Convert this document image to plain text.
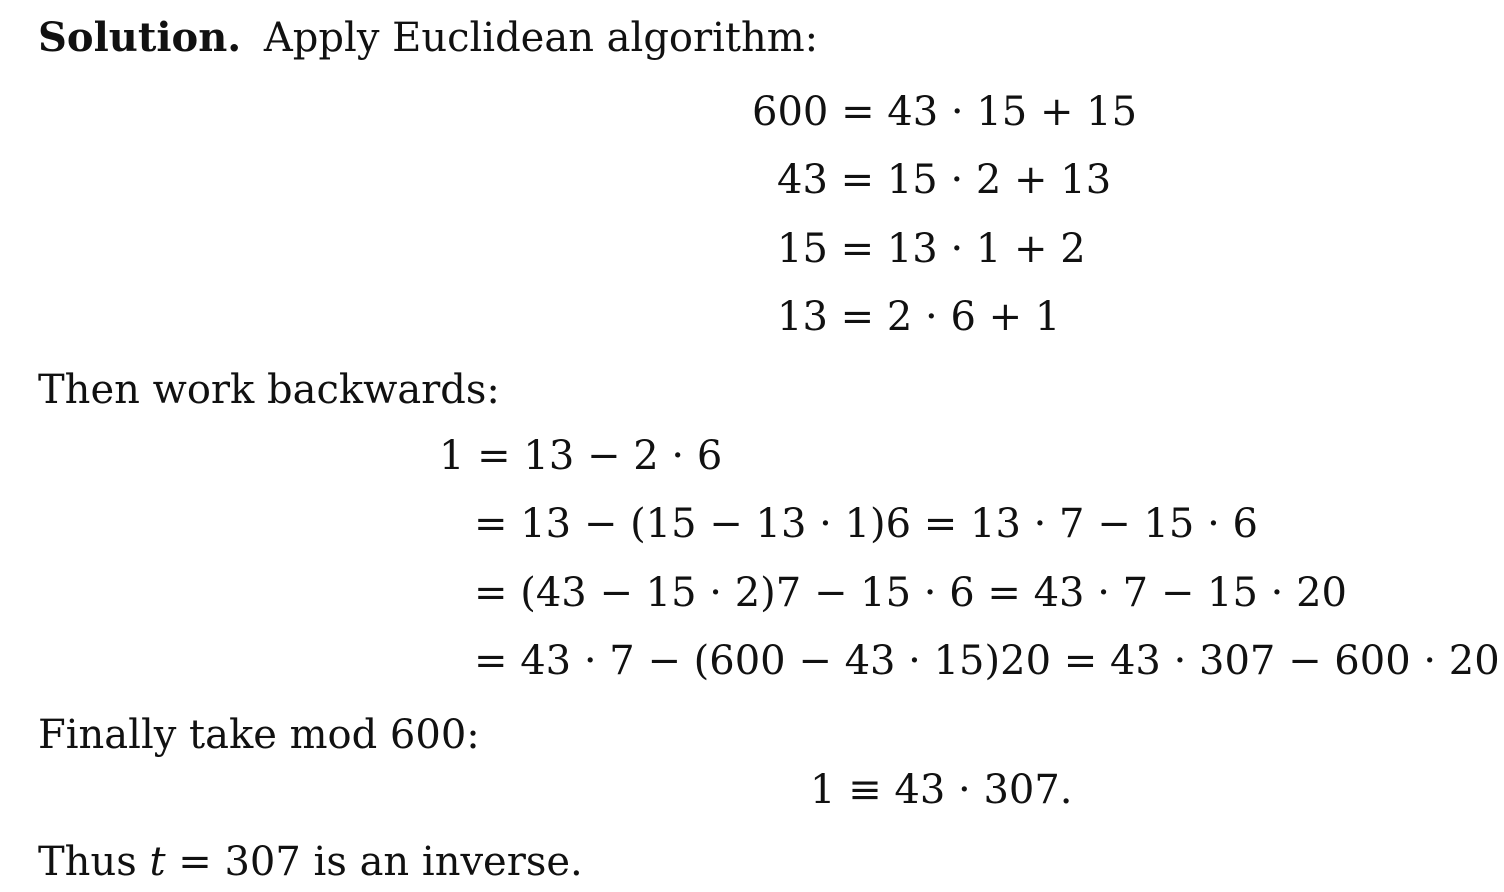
Solution. Apply Euclidean algorithm:
600 = 43 · 15 + 15
43 = 15 · 2 + 13
15 = 13 · 1 + 2
13 = 2 · 6 + 1
Then work backwards:
1 = 13 − 2 · 6
= 13 − (15 − 13 · 1)6 = 13 · 7 − 15 · 6
= (43 − 15 · 2)7 − 15 · 6 = 43 · 7 − 15 · 20
= 43 · 7 − (600 − 43 · 15)20 = 43 · 307 − 600 · 20
Finally take mod 600:
1 ≡ 43 · 307.
Thus t = 307 is an inverse.
